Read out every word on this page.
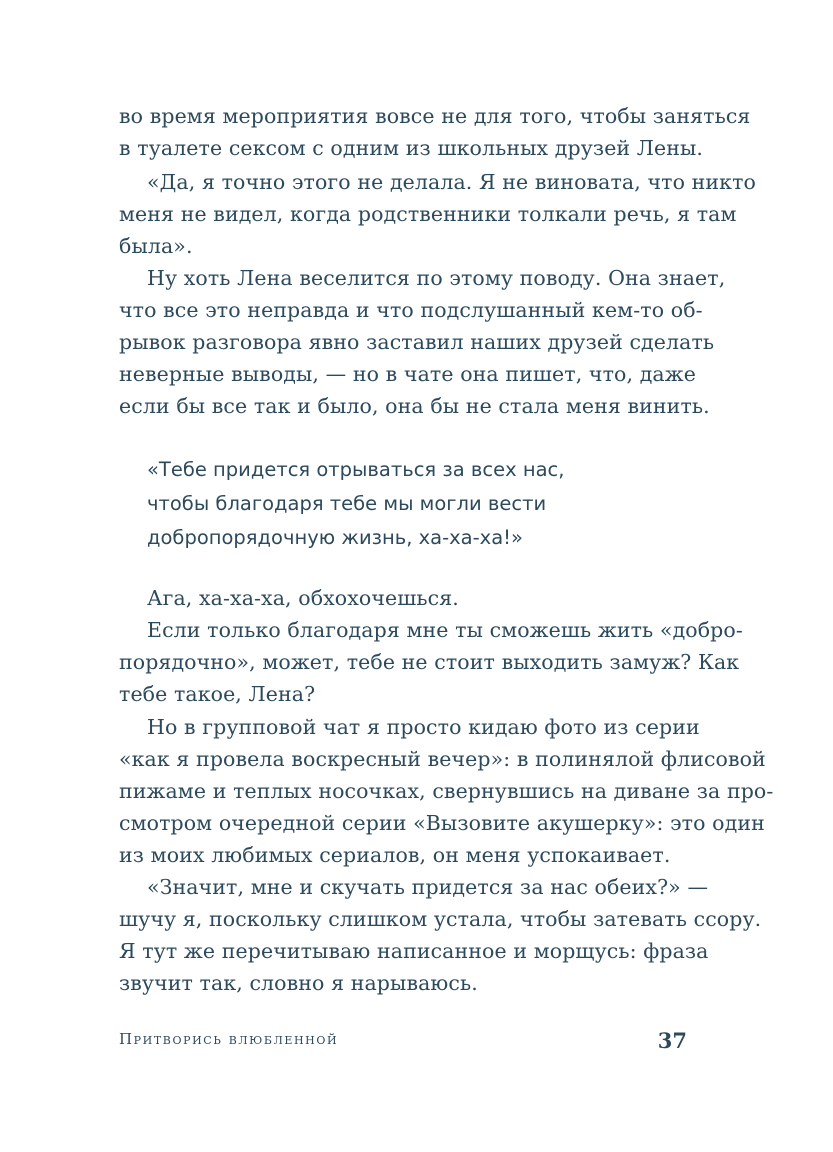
во время мероприятия вовсе не для того, чтобы заняться
в туалете сексом с одним из школьных друзей Лены.
«Да, я точно этого не делала. Я не виновата, что никто
меня не видел, когда родственники толкали речь, я там
была».
Ну хоть Лена веселится по этому поводу. Она знает,
что все это неправда и что подслушанный кем-то об-
рывок разговора явно заставил наших друзей сделать
неверные выводы, — но в чате она пишет, что, даже
если бы все так и было, она бы не стала меня винить.
«Тебе придется отрываться за всех нас,
чтобы благодаря тебе мы могли вести
добропорядочную жизнь, ха-ха-ха!»
Ага, ха-ха-ха, обхохочешься.
Если только благодаря мне ты сможешь жить «добро-
порядочно», может, тебе не стоит выходить замуж? Как
тебе такое, Лена?
Но в групповой чат я просто кидаю фото из серии
«как я провела воскресный вечер»: в полинялой флисовой
пижаме и теплых носочках, свернувшись на диване за про-
смотром очередной серии «Вызовите акушерку»: это один
из моих любимых сериалов, он меня успокаивает.
«Значит, мне и скучать придется за нас обеих?» —
шучу я, поскольку слишком устала, чтобы затевать ссору.
Я тут же перечитываю написанное и морщусь: фраза
звучит так, словно я нарываюсь.
Притворись влюбленной	37
